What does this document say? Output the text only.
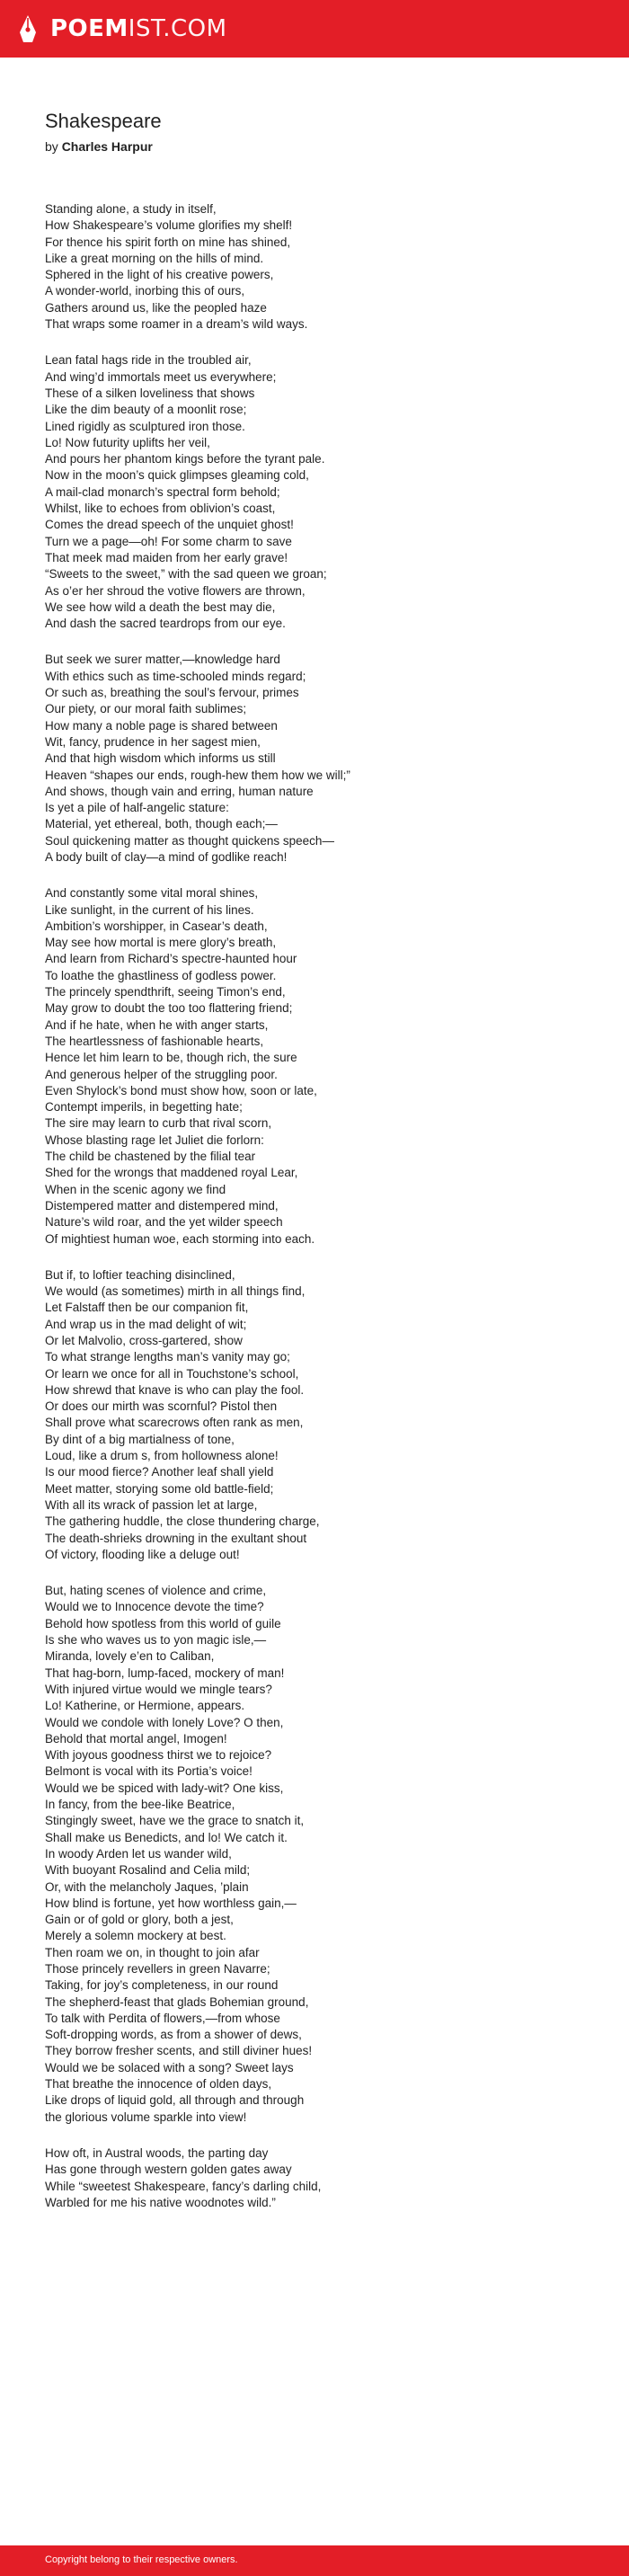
POEMIST.COM
Shakespeare
by Charles Harpur
Standing alone, a study in itself,
How Shakespeare’s volume glorifies my shelf!
For thence his spirit forth on mine has shined,
Like a great morning on the hills of mind.
Sphered in the light of his creative powers,
A wonder-world, inorbing this of ours,
Gathers around us, like the peopled haze
That wraps some roamer in a dream’s wild ways.
Lean fatal hags ride in the troubled air,
And wing’d immortals meet us everywhere;
These of a silken loveliness that shows
Like the dim beauty of a moonlit rose;
Lined rigidly as sculptured iron those.
Lo! Now futurity uplifts her veil,
And pours her phantom kings before the tyrant pale.
Now in the moon’s quick glimpses gleaming cold,
A mail-clad monarch’s spectral form behold;
Whilst, like to echoes from oblivion’s coast,
Comes the dread speech of the unquiet ghost!
Turn we a page—oh! For some charm to save
That meek mad maiden from her early grave!
“Sweets to the sweet,” with the sad queen we groan;
As o’er her shroud the votive flowers are thrown,
We see how wild a death the best may die,
And dash the sacred teardrops from our eye.
But seek we surer matter,—knowledge hard
With ethics such as time-schooled minds regard;
Or such as, breathing the soul’s fervour, primes
Our piety, or our moral faith sublimes;
How many a noble page is shared between
Wit, fancy, prudence in her sagest mien,
And that high wisdom which informs us still
Heaven “shapes our ends, rough-hew them how we will;”
And shows, though vain and erring, human nature
Is yet a pile of half-angelic stature:
Material, yet ethereal, both, though each;—
Soul quickening matter as thought quickens speech—
A body built of clay—a mind of godlike reach!
And constantly some vital moral shines,
Like sunlight, in the current of his lines.
Ambition’s worshipper, in Casear’s death,
May see how mortal is mere glory’s breath,
And learn from Richard’s spectre-haunted hour
To loathe the ghastliness of godless power.
The princely spendthrift, seeing Timon’s end,
May grow to doubt the too too flattering friend;
And if he hate, when he with anger starts,
The heartlessness of fashionable hearts,
Hence let him learn to be, though rich, the sure
And generous helper of the struggling poor.
Even Shylock’s bond must show how, soon or late,
Contempt imperils, in begetting hate;
The sire may learn to curb that rival scorn,
Whose blasting rage let Juliet die forlorn:
The child be chastened by the filial tear
Shed for the wrongs that maddened royal Lear,
When in the scenic agony we find
Distempered matter and distempered mind,
Nature’s wild roar, and the yet wilder speech
Of mightiest human woe, each storming into each.
But if, to loftier teaching disinclined,
We would (as sometimes) mirth in all things find,
Let Falstaff then be our companion fit,
And wrap us in the mad delight of wit;
Or let Malvolio, cross-gartered, show
To what strange lengths man’s vanity may go;
Or learn we once for all in Touchstone’s school,
How shrewd that knave is who can play the fool.
Or does our mirth was scornful? Pistol then
Shall prove what scarecrows often rank as men,
By dint of a big martialness of tone,
Loud, like a drum s, from hollowness alone!
Is our mood fierce? Another leaf shall yield
Meet matter, storying some old battle-field;
With all its wrack of passion let at large,
The gathering huddle, the close thundering charge,
The death-shrieks drowning in the exultant shout
Of victory, flooding like a deluge out!
But, hating scenes of violence and crime,
Would we to Innocence devote the time?
Behold how spotless from this world of guile
Is she who waves us to yon magic isle,—
Miranda, lovely e’en to Caliban,
That hag-born, lump-faced, mockery of man!
With injured virtue would we mingle tears?
Lo! Katherine, or Hermione, appears.
Would we condole with lonely Love? O then,
Behold that mortal angel, Imogen!
With joyous goodness thirst we to rejoice?
Belmont is vocal with its Portia’s voice!
Would we be spiced with lady-wit? One kiss,
In fancy, from the bee-like Beatrice,
Stingingly sweet, have we the grace to snatch it,
Shall make us Benedicts, and lo! We catch it.
In woody Arden let us wander wild,
With buoyant Rosalind and Celia mild;
Or, with the melancholy Jaques, ’plain
How blind is fortune, yet how worthless gain,—
Gain or of gold or glory, both a jest,
Merely a solemn mockery at best.
Then roam we on, in thought to join afar
Those princely revellers in green Navarre;
Taking, for joy’s completeness, in our round
The shepherd-feast that glads Bohemian ground,
To talk with Perdita of flowers,—from whose
Soft-dropping words, as from a shower of dews,
They borrow fresher scents, and still diviner hues!
Would we be solaced with a song? Sweet lays
That breathe the innocence of olden days,
Like drops of liquid gold, all through and through
the glorious volume sparkle into view!
How oft, in Austral woods, the parting day
Has gone through western golden gates away
While “sweetest Shakespeare, fancy’s darling child,
Warbled for me his native woodnotes wild.”
Copyright belong to their respective owners.
